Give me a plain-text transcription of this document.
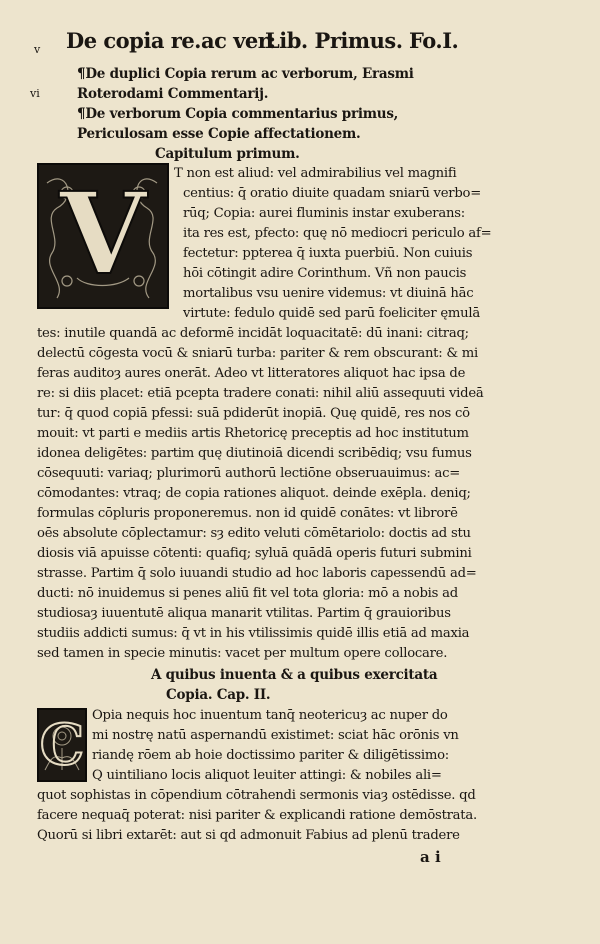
De copia re.ac ver:
Lib. Primus. Fo.I.
v
vi
V
C
¶De duplici Copia rerum ac verborum, Erasmi
Roterodami Commentarij.
¶De verborum Copia commentarius primus,
Periculosam esse Copie affectationem.
Capitulum primum.
T non est aliud: vel admirabilius vel magnifi
centius: q̄ oratio diuite quadam sniarū verbo=
rūq; Copia: aurei fluminis instar exuberans:
ita res est, pfecto: quę nō mediocri periculo af=
fectetur: ppterea q̄ iuxta puerbiū. Non cuiuis
hōi cōtingit adire Corinthum. Vñ non paucis
mortalibus vsu uenire videmus: vt diuinā hāc
virtute: fedulo quidē sed parū foeliciter ęmulā
tes: inutile quandā ac deformē incidāt loquacitatē: dū inani: citraq;
delectū cōgesta vocū & sniarū turba: pariter & rem obscurant: & mi
feras auditoȝ aures onerāt. Adeo vt litteratores aliquot hac ipsa de
re: si diis placet: etiā pcepta tradere conati: nihil aliū assequuti videā
tur: q̄ quod copiā pfessi: suā pdiderūt inopiā. Quę quidē, res nos cō
mouit: vt parti e mediis artis Rhetoricę preceptis ad hoc institutum
idonea deligētes: partim quę diutinoiā dicendi scribēdiq; vsu fumus
cōsequuti: variaq; plurimorū authorū lectiōne obseruauimus: ac=
cōmodantes: vtraq; de copia rationes aliquot. deinde exēpla. deniq;
formulas cōpluris proponeremus. non id quidē conātes: vt librorē
oēs absolute cōplectamur: sȝ edito veluti cōmētariolo: doctis ad stu
diosis viā apuisse cōtenti: quafiq; syluā quādā operis futuri submini
strasse. Partim q̄ solo iuuandi studio ad hoc laboris capessendū ad=
ducti: nō inuidemus si penes aliū fit vel tota gloria: mō a nobis ad
studiosaȝ iuuentutē aliqua manarit vtilitas. Partim q̄ grauioribus
studiis addicti sumus: q̄ vt in his vtilissimis quidē illis etiā ad maxia
sed tamen in specie minutis: vacet per multum opere collocare.
A quibus inuenta & a quibus exercitata
Copia. Cap. II.
Opia nequis hoc inuentum tanq̄ neotericuȝ ac nuper do
mi nostrę natū aspernandū existimet: sciat hāc orōnis vn
riandę rōem ab hoie doctissimo pariter & diligētissimo:
Q uintiliano locis aliquot leuiter attingi: & nobiles ali=
quot sophistas in cōpendium cōtrahendi sermonis viaȝ ostēdisse. qd
facere nequaq̄ poterat: nisi pariter & explicandi ratione demōstrata.
Quorū si libri extarēt: aut si qd admonuit Fabius ad plenū tradere
a i
